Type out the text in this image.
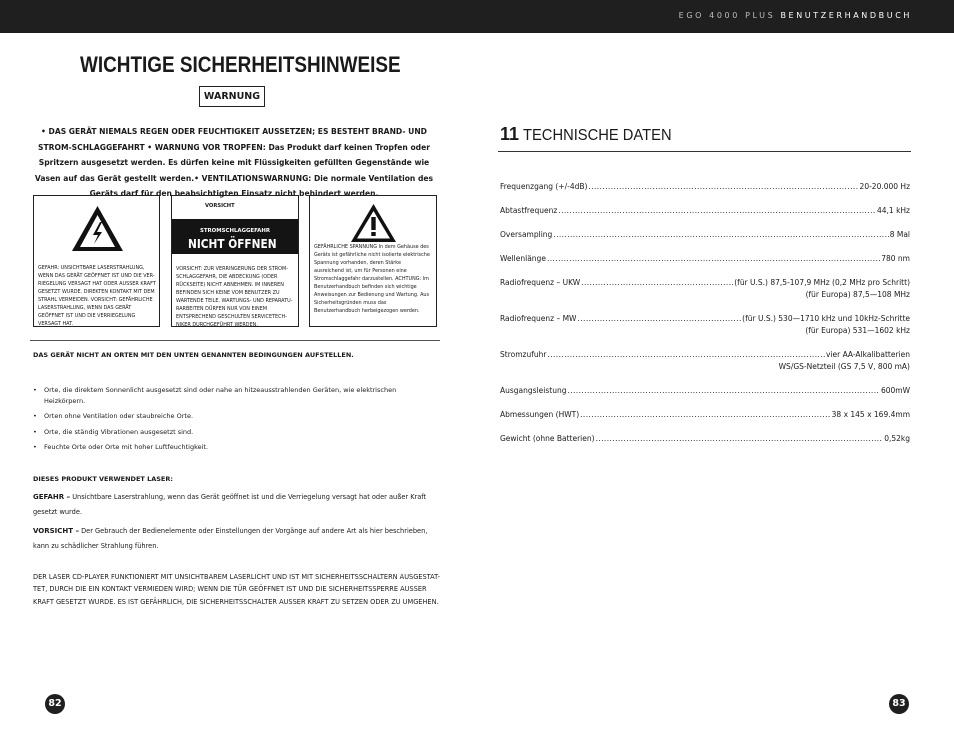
EGO 4000 PLUS BENUTZERHANDBUCH
WICHTIGE SICHERHEITSHINWEISE
WARNUNG
• DAS GERÄT NIEMALS REGEN ODER FEUCHTIGKEIT AUSSETZEN; ES BESTEHT BRAND- UND STROM-SCHLAGGEFAHRT • WARNUNG VOR TROPFEN: Das Produkt darf keinen Tropfen oder Spritzern ausgesetzt werden. Es dürfen keine mit Flüssigkeiten gefüllten Gegenstände wie Vasen auf das Gerät gestellt werden.• VENTILATIONSWARNUNG: Die normale Ventilation des Geräts darf für den beabsichtigten Einsatz nicht behindert werden.
GEFAHR: UNSICHTBARE LASERSTRAHLUNG, WENN DAS GERÄT GEÖFFNET IST UND DIE VER-RIEGELUNG VERSAGT HAT ODER AUSSER KRAFT GESETZT WURDE. DIREKTEN KONTAKT MIT DEM STRAHL VERMEIDEN. VORSICHT: GEFÄHRLICHE LASERSTRAHLUNG, WENN DAS GERÄT GEÖFFNET IST UND DIE VERRIEGELUNG VERSAGT HAT.
VORSICHT
STROMSCHLAGGEFAHR
NICHT ÖFFNEN
VORSICHT: ZUR VERRINGERUNG DER STROM-SCHLAGGEFAHR, DIE ABDECKUNG (ODER RÜCKSEITE) NICHT ABNEHMEN. IM INNEREN BEFINDEN SICH KEINE VOM BENUTZER ZU WARTENDE TEILE. WARTUNGS- UND REPARATU-RARBEITEN DÜRFEN NUR VON EINEM ENTSPRECHEND GESCHULTEN SERVICETECH-NIKER DURCHGEFÜHRT WERDEN.
GEFÄHRLICHE SPANNUNG In dem Gehäuse des Geräts ist gefährliche nicht isolierte elektrische Spannung vorhanden, deren Stärke ausreichend ist, um für Personen eine Stromschlaggefahr darzustellen. ACHTUNG: Im Benutzerhandbuch befinden sich wichtige Anweisungen zur Bedienung und Wartung. Aus Sicherheitsgründen muss das Benutzerhandbuch herbeigezogen werden.
DAS GERÄT NICHT AN ORTEN MIT DEN UNTEN GENANNTEN BEDINGUNGEN AUFSTELLEN.
• Orte, die direktem Sonnenlicht ausgesetzt sind oder nahe an hitzeausstrahlenden Geräten, wie elektrischen Heizkörpern.
• Orten ohne Ventilation oder staubreiche Orte.
• Orte, die ständig Vibrationen ausgesetzt sind.
• Feuchte Orte oder Orte mit hoher Luftfeuchtigkeit.
DIESES PRODUKT VERWENDET LASER:
GEFAHR – Unsichtbare Laserstrahlung, wenn das Gerät geöffnet ist und die Verriegelung versagt hat oder außer Kraft gesetzt wurde.
VORSICHT – Der Gebrauch der Bedienelemente oder Einstellungen der Vorgänge auf andere Art als hier beschrieben, kann zu schädlicher Strahlung führen.
DER LASER CD-PLAYER FUNKTIONIERT MIT UNSICHTBAREM LASERLICHT UND IST MIT SICHERHEITSSCHALTERN AUSGESTAT-TET, DURCH DIE EIN KONTAKT VERMIEDEN WIRD; WENN DIE TÜR GEÖFFNET IST UND DIE SICHERHEITSSPERRE AUSSER KRAFT GESETZT WURDE. ES IST GEFÄHRLICH, DIE SICHERHEITSSCHALTER AUSSER KRAFT ZU SETZEN ODER ZU UMGEHEN.
82
11 TECHNISCHE DATEN
Frequenzgang (+/-4dB) .....	20-20.000 Hz
Abtastfrequenz .....	44,1 kHz
Oversampling .....	8 Mal
Wellenlänge .....	780 nm
Radiofrequenz – UKW .....	(für U.S.) 87,5-107,9 MHz (0,2 MHz pro Schritt)
(für Europa) 87,5—108 MHz
Radiofrequenz – MW .....	(für U.S.) 530—1710 kHz und 10kHz-Schritte
(für Europa) 531—1602 kHz
Stromzufuhr .....	vier AA-Alkalibatterien
WS/GS-Netzteil (GS 7,5 V, 800 mA)
Ausgangsleistung .....	600mW
Abmessungen (HWT) .....	38 x 145 x 169.4mm
Gewicht (ohne Batterien) .....	0,52kg
83
